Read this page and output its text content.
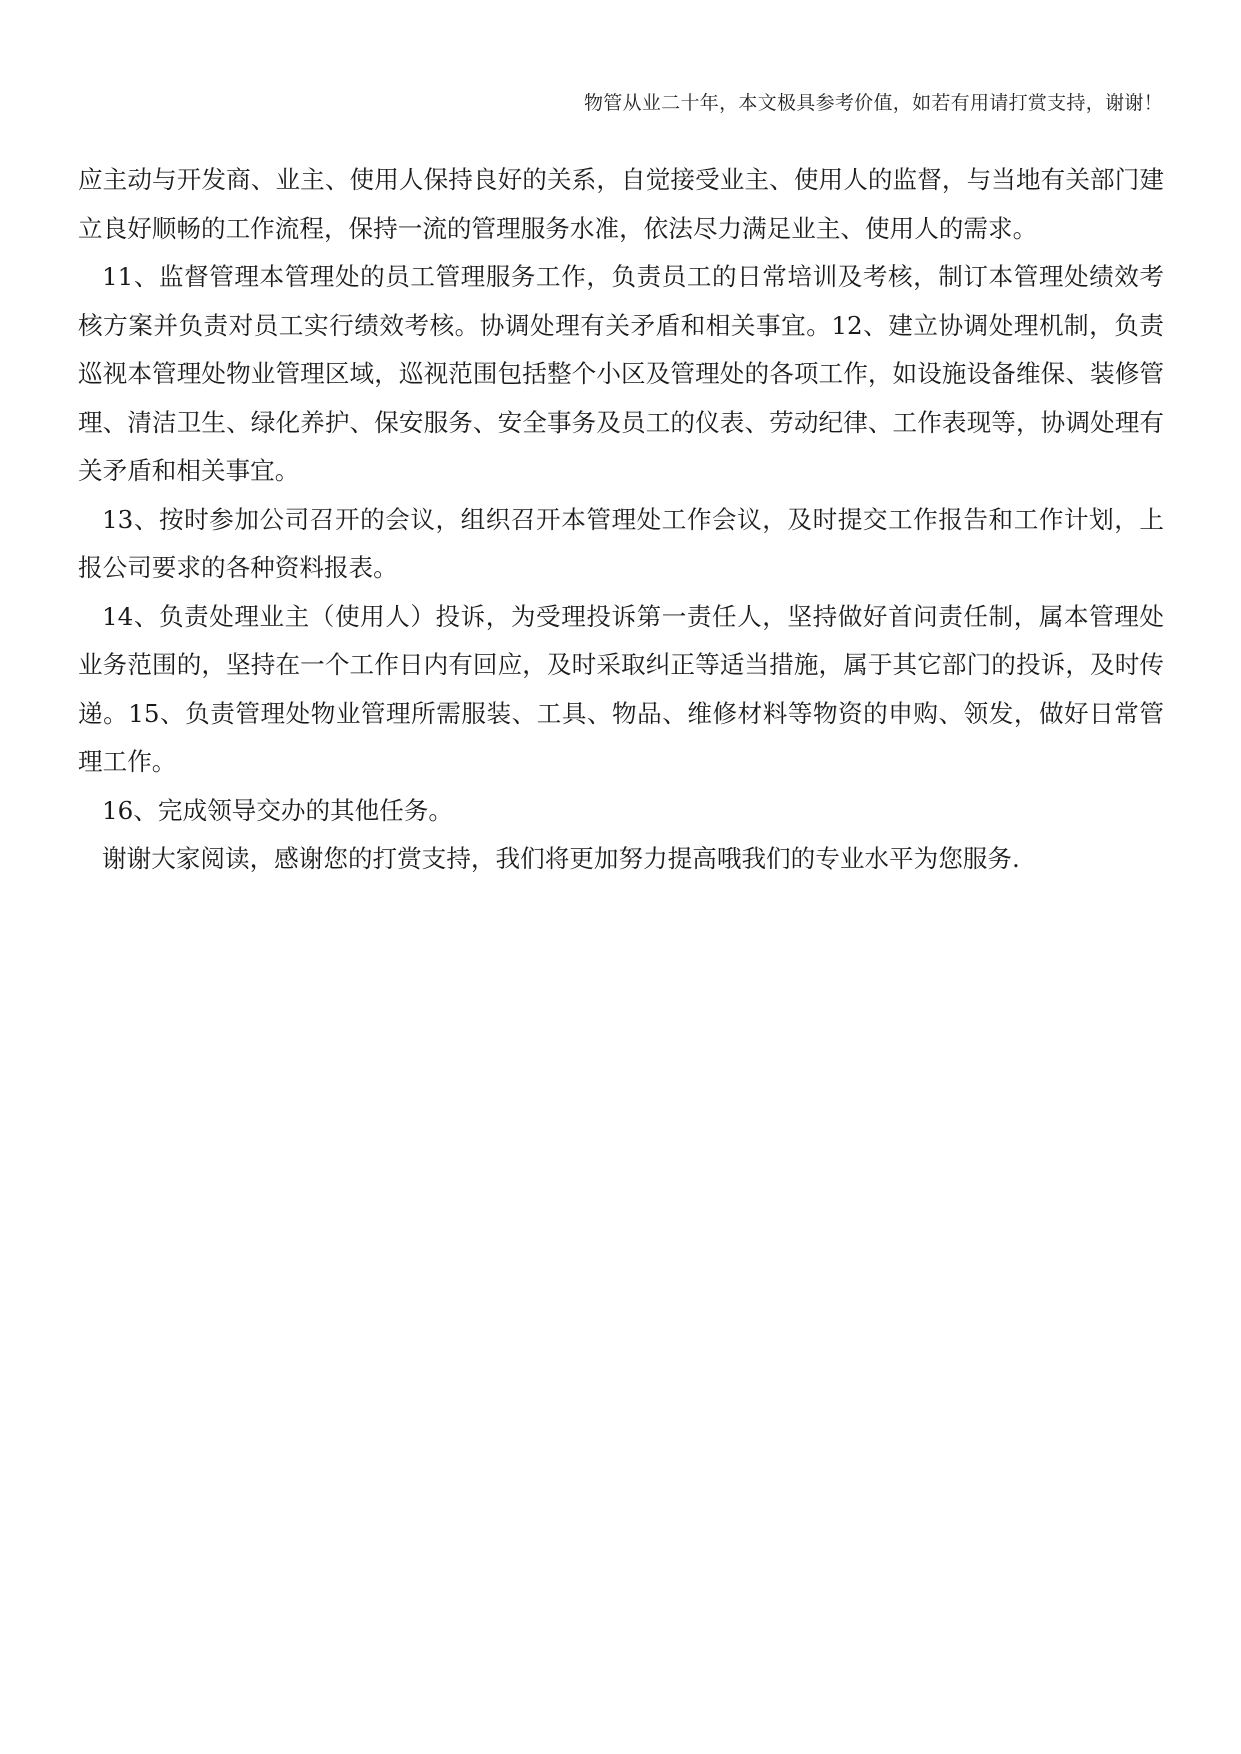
物管从业二十年，本文极具参考价值，如若有用请打赏支持，谢谢！

应主动与开发商、业主、使用人保持良好的关系，自觉接受业主、使用人的监督，与当地有关部门建立良好顺畅的工作流程，保持一流的管理服务水准，依法尽力满足业主、使用人的需求。

11、监督管理本管理处的员工管理服务工作，负责员工的日常培训及考核，制订本管理处绩效考核方案并负责对员工实行绩效考核。协调处理有关矛盾和相关事宜。12、建立协调处理机制，负责巡视本管理处物业管理区域，巡视范围包括整个小区及管理处的各项工作，如设施设备维保、装修管理、清洁卫生、绿化养护、保安服务、安全事务及员工的仪表、劳动纪律、工作表现等，协调处理有关矛盾和相关事宜。

13、按时参加公司召开的会议，组织召开本管理处工作会议，及时提交工作报告和工作计划，上报公司要求的各种资料报表。

14、负责处理业主（使用人）投诉，为受理投诉第一责任人，坚持做好首问责任制，属本管理处业务范围的，坚持在一个工作日内有回应，及时采取纠正等适当措施，属于其它部门的投诉，及时传递。15、负责管理处物业管理所需服装、工具、物品、维修材料等物资的申购、领发，做好日常管理工作。

16、完成领导交办的其他任务。

谢谢大家阅读，感谢您的打赏支持，我们将更加努力提高哦我们的专业水平为您服务.
